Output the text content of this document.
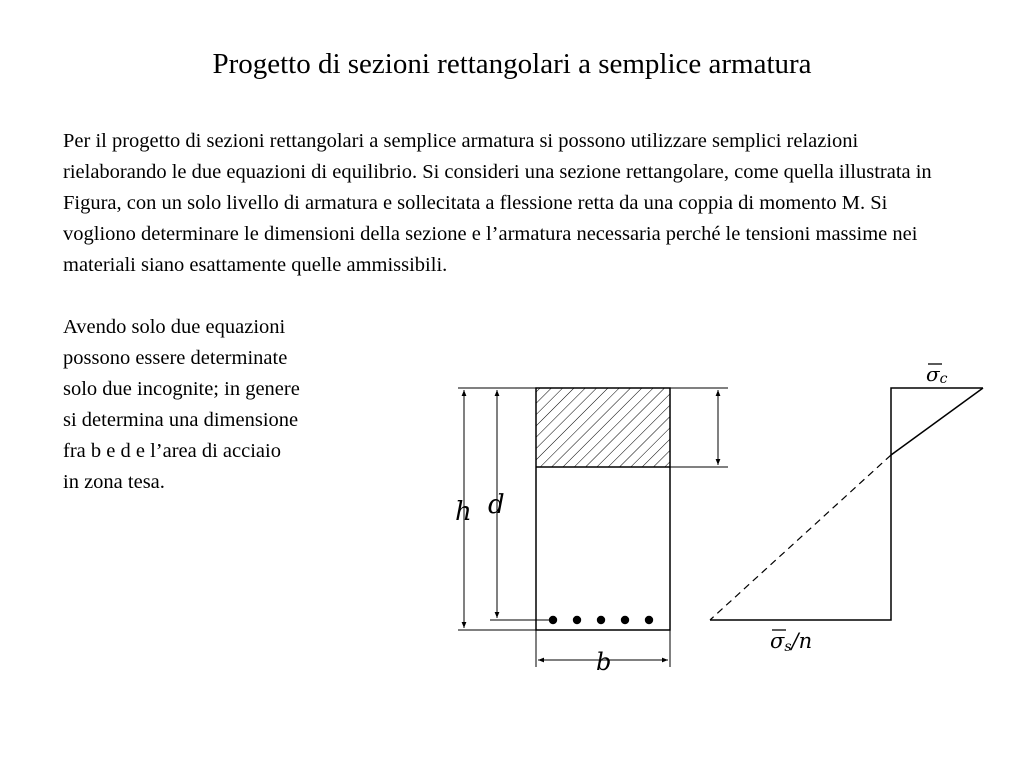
Progetto di sezioni rettangolari a semplice armatura

Per il progetto di sezioni rettangolari a semplice armatura si possono utilizzare semplici relazioni rielaborando le due equazioni di equilibrio. Si consideri una sezione rettangolare, come quella illustrata in Figura, con un solo livello di armatura e sollecitata a flessione retta da una coppia di momento M. Si vogliono determinare le dimensioni della sezione e l’armatura necessaria perché le tensioni massime nei materiali siano esattamente quelle ammissibili.

Avendo solo due equazioni
possono essere determinate
solo due incognite; in genere
si determina una dimensione
fra b e d e l’area di acciaio
in zona tesa.
h d
b
σc
σs/n
